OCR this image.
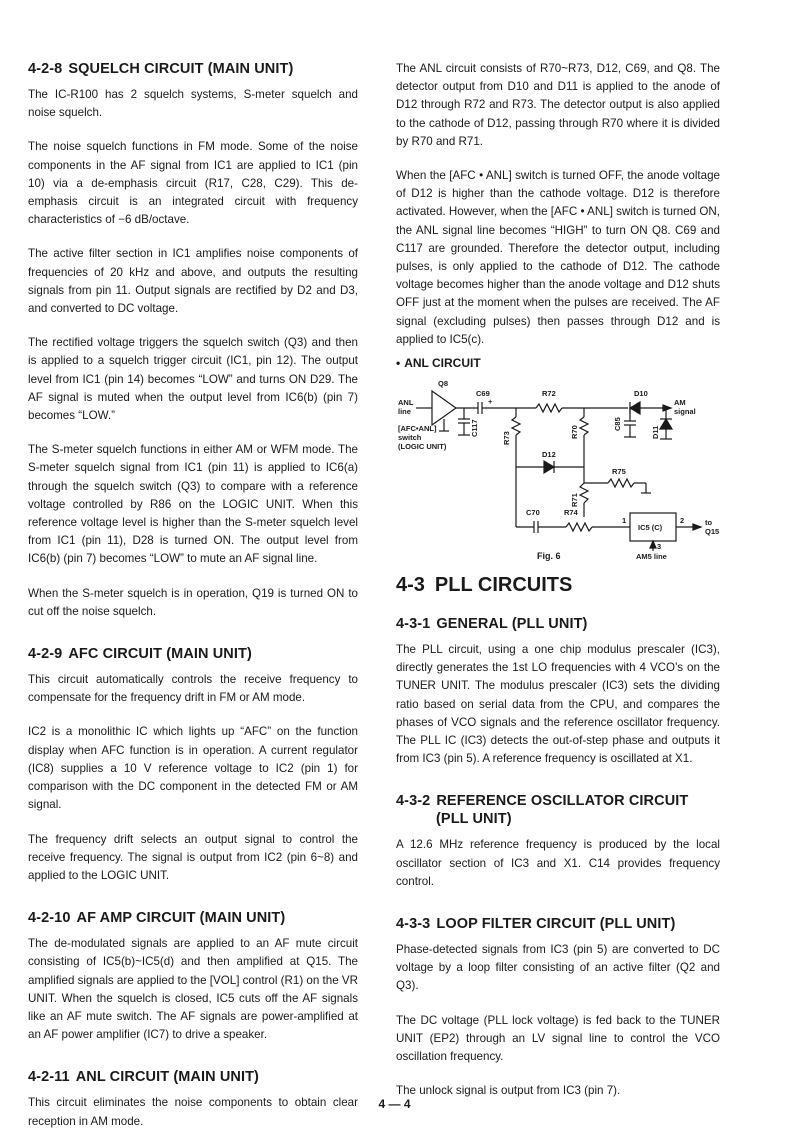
4-2-8 SQUELCH CIRCUIT (MAIN UNIT)

The IC-R100 has 2 squelch systems, S-meter squelch and noise squelch.

The noise squelch functions in FM mode. Some of the noise components in the AF signal from IC1 are applied to IC1 (pin 10) via a de-emphasis circuit (R17, C28, C29). This de-emphasis circuit is an integrated circuit with frequency characteristics of −6 dB/octave.

The active filter section in IC1 amplifies noise components of frequencies of 20 kHz and above, and outputs the resulting signals from pin 11. Output signals are rectified by D2 and D3, and converted to DC voltage.

The rectified voltage triggers the squelch switch (Q3) and then is applied to a squelch trigger circuit (IC1, pin 12). The output level from IC1 (pin 14) becomes “LOW” and turns ON D29. The AF signal is muted when the output level from IC6(b) (pin 7) becomes “LOW.”

The S-meter squelch functions in either AM or WFM mode. The S-meter squelch signal from IC1 (pin 11) is applied to IC6(a) through the squelch switch (Q3) to compare with a reference voltage controlled by R86 on the LOGIC UNIT. When this reference voltage level is higher than the S-meter squelch level from IC1 (pin 11), D28 is turned ON. The output level from IC6(b) (pin 7) becomes “LOW” to mute an AF signal line.

When the S-meter squelch is in operation, Q19 is turned ON to cut off the noise squelch.

4-2-9 AFC CIRCUIT (MAIN UNIT)

This circuit automatically controls the receive frequency to compensate for the frequency drift in FM or AM mode.

IC2 is a monolithic IC which lights up “AFC” on the function display when AFC function is in operation. A current regulator (IC8) supplies a 10 V reference voltage to IC2 (pin 1) for comparison with the DC component in the detected FM or AM signal.

The frequency drift selects an output signal to control the receive frequency. The signal is output from IC2 (pin 6~8) and applied to the LOGIC UNIT.

4-2-10 AF AMP CIRCUIT (MAIN UNIT)

The de-modulated signals are applied to an AF mute circuit consisting of IC5(b)~IC5(d) and then amplified at Q15. The amplified signals are applied to the [VOL] control (R1) on the VR UNIT. When the squelch is closed, IC5 cuts off the AF signals like an AF mute switch. The AF signals are power-amplified at an AF power amplifier (IC7) to drive a speaker.

4-2-11 ANL CIRCUIT (MAIN UNIT)

This circuit eliminates the noise components to obtain clear reception in AM mode.

The ANL circuit consists of R70~R73, D12, C69, and Q8. The detector output from D10 and D11 is applied to the anode of D12 through R72 and R73. The detector output is also applied to the cathode of D12, passing through R70 where it is divided by R70 and R71.

When the [AFC • ANL] switch is turned OFF, the anode voltage of D12 is higher than the cathode voltage. D12 is therefore activated. However, when the [AFC • ANL] switch is turned ON, the ANL signal line becomes “HIGH” to turn ON Q8. C69 and C117 are grounded. Therefore the detector output, including pulses, is only applied to the cathode of D12. The cathode voltage becomes higher than the anode voltage and D12 shuts OFF just at the moment when the pulses are received. The AF signal (excluding pulses) then passes through D12 and is applied to IC5(c).

• ANL CIRCUIT
Q8
C69
+
R72	D10
AM
signal
ANL
line
[AFC•ANL]
switch
(LOGIC UNIT)
C117
R73	R70
C85
D11
D12
R75
R71
C70	R74
IC5 (C)
1	2
3
to
Q15
Fig. 6	AM5 line
4-3 PLL CIRCUITS
4-3-1 GENERAL (PLL UNIT)

The PLL circuit, using a one chip modulus prescaler (IC3), directly generates the 1st LO frequencies with 4 VCO's on the TUNER UNIT. The modulus prescaler (IC3) sets the dividing ratio based on serial data from the CPU, and compares the phases of VCO signals and the reference oscillator frequency. The PLL IC (IC3) detects the out-of-step phase and outputs it from IC3 (pin 5). A reference frequency is oscillated at X1.

4-3-2 REFERENCE OSCILLATOR CIRCUIT
(PLL UNIT)

A 12.6 MHz reference frequency is produced by the local oscillator section of IC3 and X1. C14 provides frequency control.

4-3-3 LOOP FILTER CIRCUIT (PLL UNIT)

Phase-detected signals from IC3 (pin 5) are converted to DC voltage by a loop filter consisting of an active filter (Q2 and Q3).

The DC voltage (PLL lock voltage) is fed back to the TUNER UNIT (EP2) through an LV signal line to control the VCO oscillation frequency.

The unlock signal is output from IC3 (pin 7).

4 — 4
